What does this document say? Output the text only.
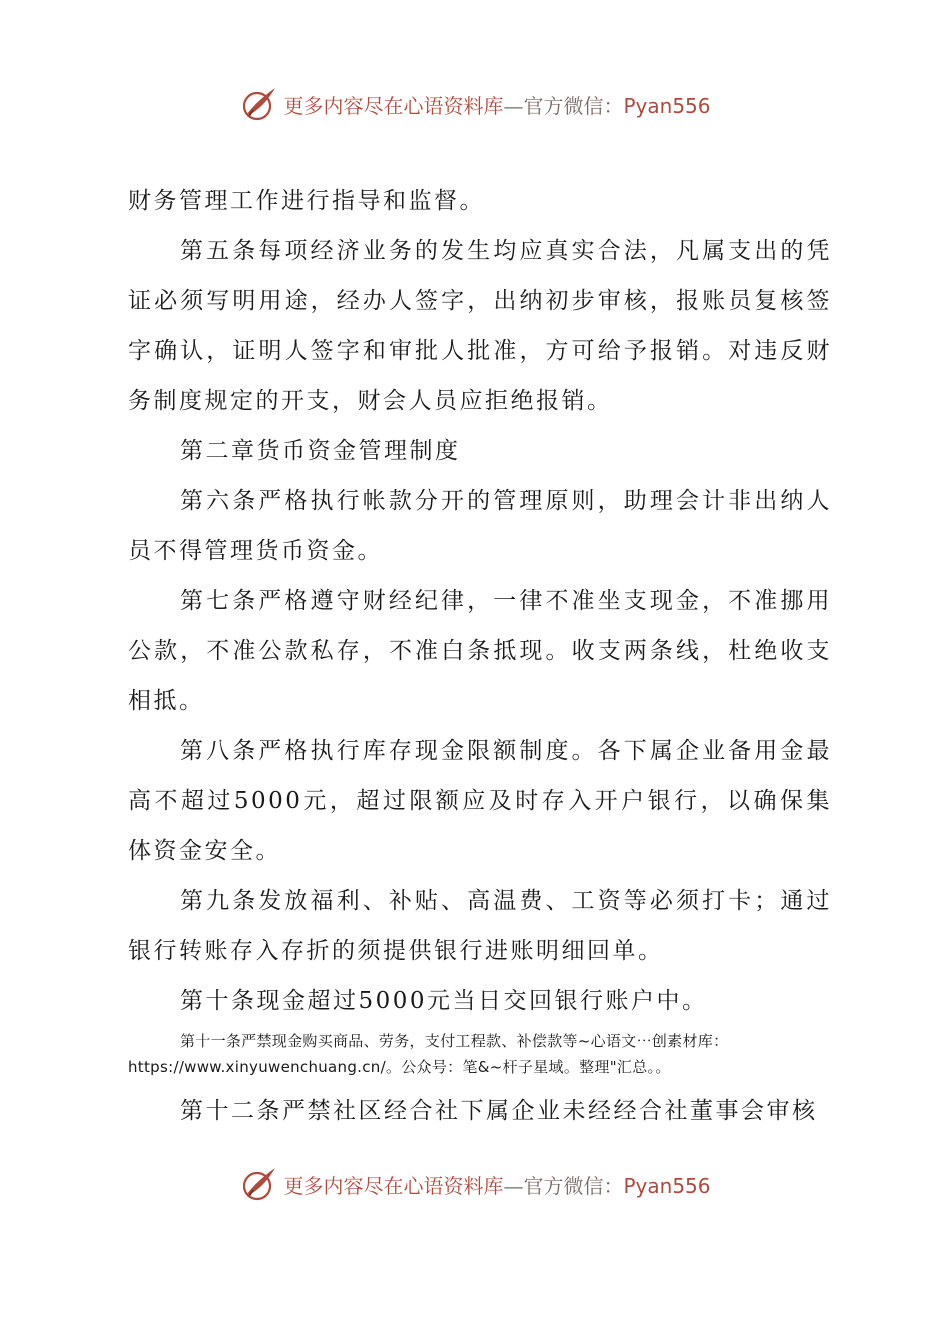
更多内容尽在心语资料库—官方微信：Pyan556

财务管理工作进行指导和监督。

第五条每项经济业务的发生均应真实合法，凡属支出的凭证必须写明用途，经办人签字，出纳初步审核，报账员复核签字确认，证明人签字和审批人批准，方可给予报销。对违反财务制度规定的开支，财会人员应拒绝报销。

第二章货币资金管理制度

第六条严格执行帐款分开的管理原则，助理会计非出纳人员不得管理货币资金。

第七条严格遵守财经纪律，一律不准坐支现金，不准挪用公款，不准公款私存，不准白条抵现。收支两条线，杜绝收支相抵。

第八条严格执行库存现金限额制度。各下属企业备用金最高不超过5000元，超过限额应及时存入开户银行，以确保集体资金安全。

第九条发放福利、补贴、高温费、工资等必须打卡；通过银行转账存入存折的须提供银行进账明细回单。

第十条现金超过5000元当日交回银行账户中。

第十一条严禁现金购买商品、劳务，支付工程款、补偿款等~心语文⋯创素材库：
https://www.xinyuwenchuang.cn/。公众号：笔&~杆子星域。整理"汇总。。

第十二条严禁社区经合社下属企业未经经合社董事会审核

更多内容尽在心语资料库—官方微信：Pyan556
